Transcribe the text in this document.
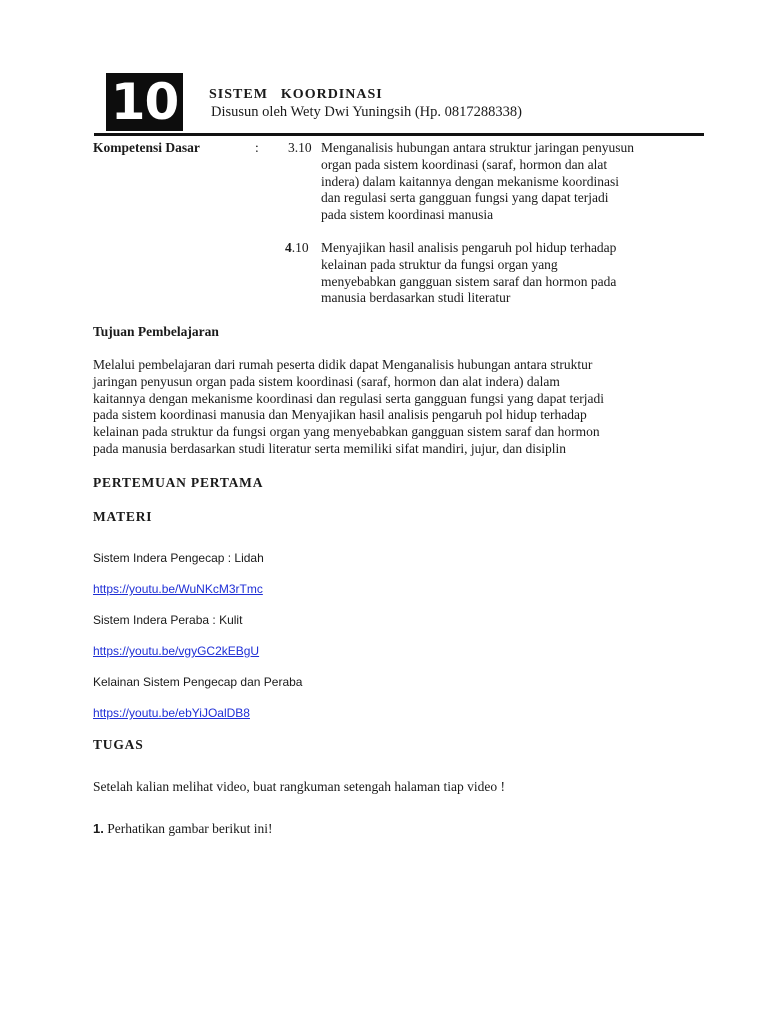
10	SISTEM  KOORDINASI
Disusun oleh Wety Dwi Yuningsih (Hp. 0817288338)
Kompetensi Dasar	: 3.10 Menganalisis hubungan antara struktur jaringan penyusun
organ pada sistem koordinasi (saraf, hormon dan alat
indera) dalam kaitannya dengan mekanisme koordinasi
dan regulasi serta gangguan fungsi yang dapat terjadi
pada sistem koordinasi manusia
4.10 Menyajikan hasil analisis pengaruh pol hidup terhadap
kelainan pada struktur da fungsi organ yang
menyebabkan gangguan sistem saraf dan hormon pada
manusia berdasarkan studi literatur
Tujuan Pembelajaran
Melalui pembelajaran dari rumah peserta didik dapat Menganalisis hubungan antara struktur
jaringan penyusun organ pada sistem koordinasi (saraf, hormon dan alat indera) dalam
kaitannya dengan mekanisme koordinasi dan regulasi serta gangguan fungsi yang dapat terjadi
pada sistem koordinasi manusia dan Menyajikan hasil analisis pengaruh pol hidup terhadap
kelainan pada struktur da fungsi organ yang menyebabkan gangguan sistem saraf dan hormon
pada manusia berdasarkan studi literatur serta memiliki sifat mandiri, jujur, dan disiplin
PERTEMUAN PERTAMA
MATERI
Sistem Indera Pengecap : Lidah
https://youtu.be/WuNKcM3rTmc
Sistem Indera Peraba : Kulit
https://youtu.be/vgyGC2kEBgU
Kelainan Sistem Pengecap dan Peraba
https://youtu.be/ebYiJOalDB8
TUGAS
Setelah kalian melihat video, buat rangkuman setengah halaman tiap video !
1. Perhatikan gambar berikut ini!
